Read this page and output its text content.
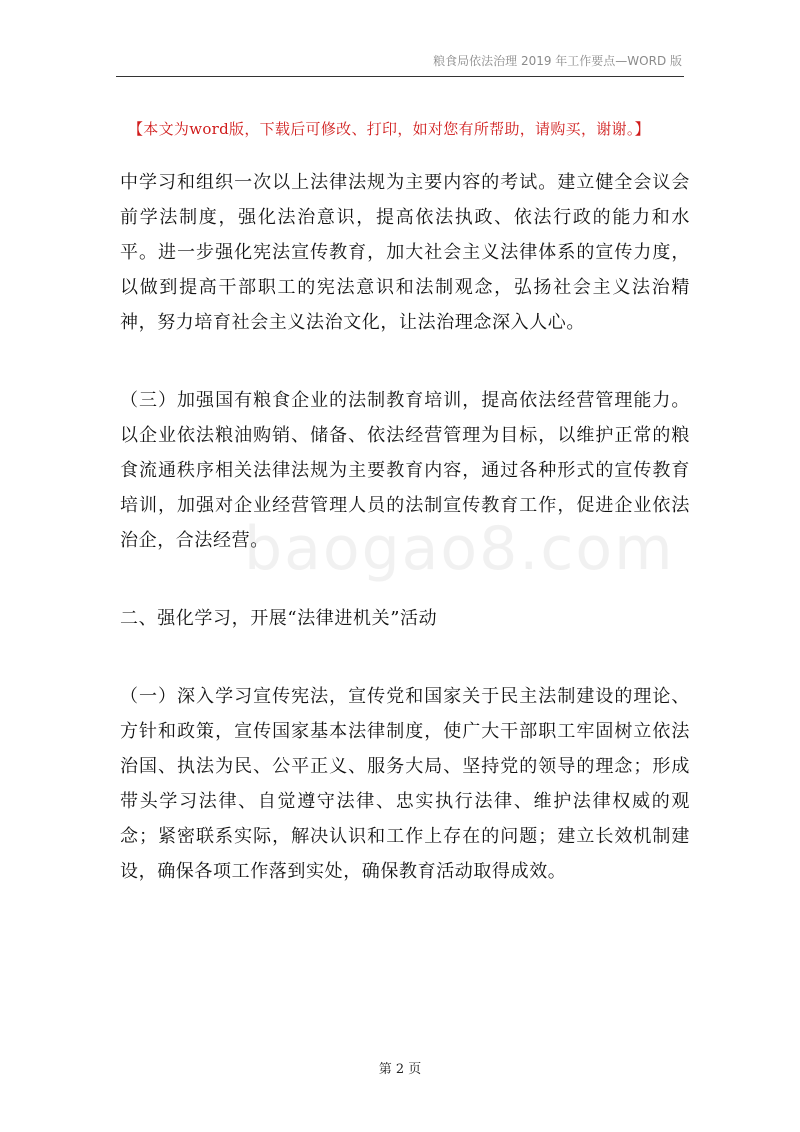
粮食局依法治理 2019 年工作要点—WORD 版
【本文为word版，下载后可修改、打印，如对您有所帮助，请购买，谢谢。】
baogao8.com

中学习和组织一次以上法律法规为主要内容的考试。建立健全会议会前学法制度，强化法治意识，提高依法执政、依法行政的能力和水平。进一步强化宪法宣传教育，加大社会主义法律体系的宣传力度，以做到提高干部职工的宪法意识和法制观念，弘扬社会主义法治精神，努力培育社会主义法治文化，让法治理念深入人心。

（三）加强国有粮食企业的法制教育培训，提高依法经营管理能力。以企业依法粮油购销、储备、依法经营管理为目标，以维护正常的粮食流通秩序相关法律法规为主要教育内容，通过各种形式的宣传教育培训，加强对企业经营管理人员的法制宣传教育工作，促进企业依法治企，合法经营。

二、强化学习，开展“法律进机关”活动

（一）深入学习宣传宪法，宣传党和国家关于民主法制建设的理论、方针和政策，宣传国家基本法律制度，使广大干部职工牢固树立依法治国、执法为民、公平正义、服务大局、坚持党的领导的理念；形成带头学习法律、自觉遵守法律、忠实执行法律、维护法律权威的观念；紧密联系实际，解决认识和工作上存在的问题；建立长效机制建设，确保各项工作落到实处，确保教育活动取得成效。

第 2 页
